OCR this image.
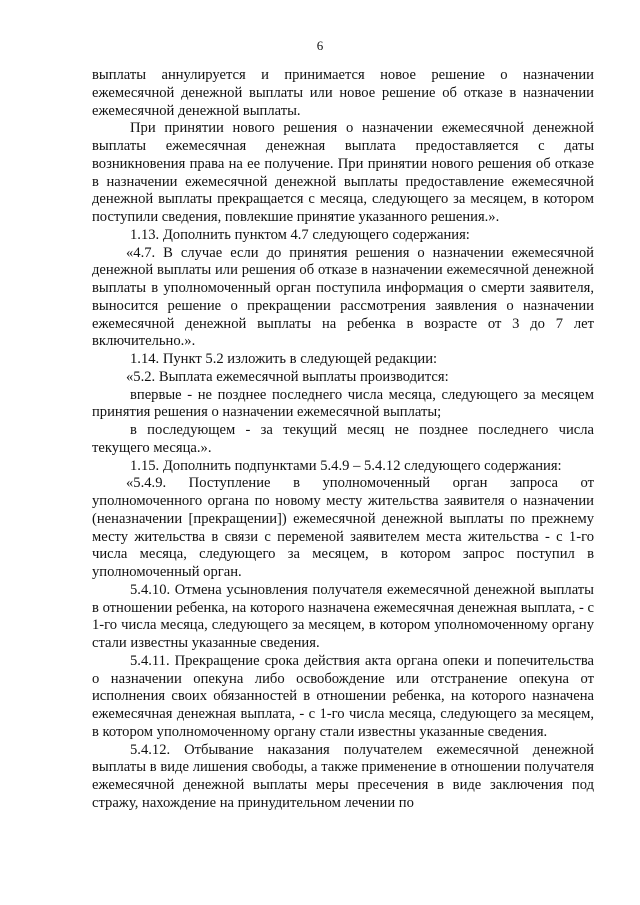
6

выплаты аннулируется и принимается новое решение о назначении ежемесячной денежной выплаты или новое решение об отказе в назначении ежемесячной денежной выплаты.

При принятии нового решения о назначении ежемесячной денежной выплаты ежемесячная денежная выплата предоставляется с даты возникновения права на ее получение. При принятии нового решения об отказе в назначении ежемесячной денежной выплаты предоставление ежемесячной денежной выплаты прекращается с месяца, следующего за месяцем, в котором поступили сведения, повлекшие принятие указанного решения.».

1.13. Дополнить пунктом 4.7 следующего содержания:

«4.7. В случае если до принятия решения о назначении ежемесячной денежной выплаты или решения об отказе в назначении ежемесячной денежной выплаты в уполномоченный орган поступила информация о смерти заявителя, выносится решение о прекращении рассмотрения заявления о назначении ежемесячной денежной выплаты на ребенка в возрасте от 3 до 7 лет включительно.».

1.14. Пункт 5.2 изложить в следующей редакции:

«5.2. Выплата ежемесячной выплаты производится:

впервые - не позднее последнего числа месяца, следующего за месяцем принятия решения о назначении ежемесячной выплаты;

в последующем - за текущий месяц не позднее последнего числа текущего месяца.».

1.15. Дополнить подпунктами 5.4.9 – 5.4.12 следующего содержания:

«5.4.9. Поступление в уполномоченный орган запроса от уполномоченного органа по новому месту жительства заявителя о назначении (неназначении [прекращении]) ежемесячной денежной выплаты по прежнему месту жительства в связи с переменой заявителем места жительства - с 1-го числа месяца, следующего за месяцем, в котором запрос поступил в уполномоченный орган.

5.4.10. Отмена усыновления получателя ежемесячной денежной выплаты в отношении ребенка, на которого назначена ежемесячная денежная выплата, - с 1-го числа месяца, следующего за месяцем, в котором уполномоченному органу стали известны указанные сведения.

5.4.11. Прекращение срока действия акта органа опеки и попечительства о назначении опекуна либо освобождение или отстранение опекуна от исполнения своих обязанностей в отношении ребенка, на которого назначена ежемесячная денежная выплата, - с 1-го числа месяца, следующего за месяцем, в котором уполномоченному органу стали известны указанные сведения.

5.4.12. Отбывание наказания получателем ежемесячной денежной выплаты в виде лишения свободы, а также применение в отношении получателя ежемесячной денежной выплаты меры пресечения в виде заключения под стражу, нахождение на принудительном лечении по
